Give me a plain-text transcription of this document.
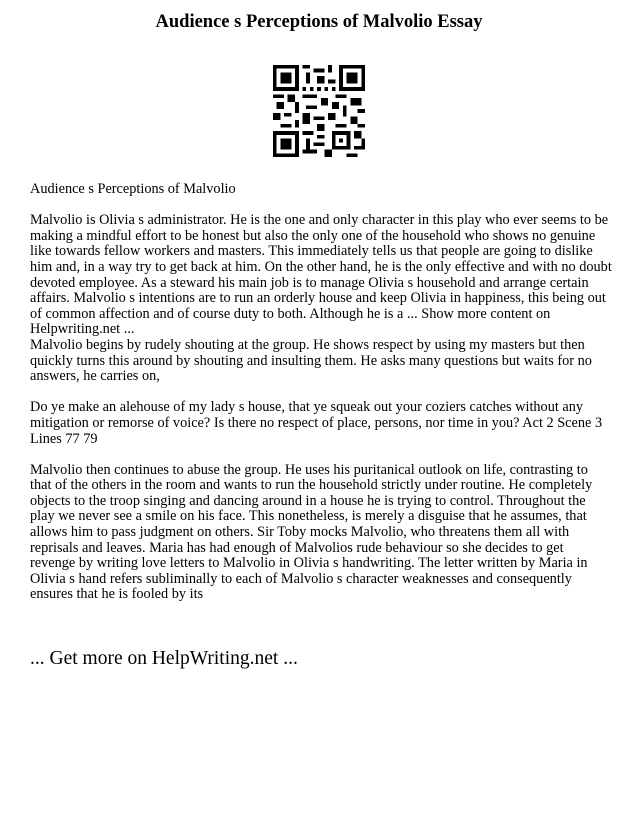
Audience s Perceptions of Malvolio Essay

Audience s Perceptions of Malvolio

Malvolio is Olivia s administrator. He is the one and only character in this play who ever seems to be making a mindful effort to be honest but also the only one of the household who shows no genuine like towards fellow workers and masters. This immediately tells us that people are going to dislike him and, in a way try to get back at him. On the other hand, he is the only effective and with no doubt devoted employee. As a steward his main job is to manage Olivia s household and arrange certain affairs. Malvolio s intentions are to run an orderly house and keep Olivia in happiness, this being out of common affection and of course duty to both. Although he is a ... Show more content on Helpwriting.net ...

Malvolio begins by rudely shouting at the group. He shows respect by using my masters but then quickly turns this around by shouting and insulting them. He asks many questions but waits for no answers, he carries on,

Do ye make an alehouse of my lady s house, that ye squeak out your coziers catches without any mitigation or remorse of voice? Is there no respect of place, persons, nor time in you? Act 2 Scene 3 Lines 77 79

Malvolio then continues to abuse the group. He uses his puritanical outlook on life, contrasting to that of the others in the room and wants to run the household strictly under routine. He completely objects to the troop singing and dancing around in a house he is trying to control. Throughout the play we never see a smile on his face. This nonetheless, is merely a disguise that he assumes, that allows him to pass judgment on others. Sir Toby mocks Malvolio, who threatens them all with reprisals and leaves. Maria has had enough of Malvolios rude behaviour so she decides to get revenge by writing love letters to Malvolio in Olivia s handwriting. The letter written by Maria in Olivia s hand refers subliminally to each of Malvolio s character weaknesses and consequently ensures that he is fooled by its

... Get more on HelpWriting.net ...
